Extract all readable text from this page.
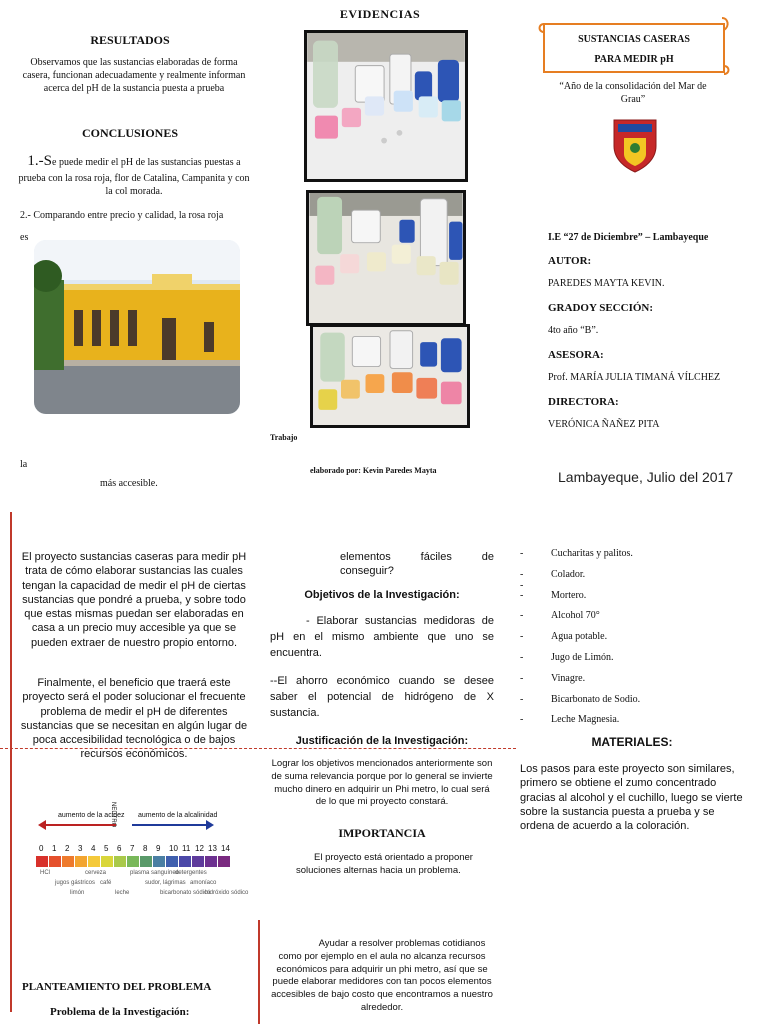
RESULTADOS
Observamos que las sustancias elaboradas de forma casera, funcionan adecuadamente y realmente informan acerca del pH de la sustancia puesta a prueba
CONCLUSIONES
1.-Se puede medir el pH de las sustancias puestas a prueba con la rosa roja, flor de Catalina, Campanita y con la col morada.
2.- Comparando entre precio y calidad, la rosa roja
es
la
más accesible.
EVIDENCIAS
Trabajo
elaborado por: Kevin Paredes Mayta
SUSTANCIAS CASERAS
PARA MEDIR pH
“Año de la consolidación del Mar de Grau”
I.E “27 de Diciembre” – Lambayeque
AUTOR:
PAREDES MAYTA KEVIN.
GRADOY SECCIÓN:
4to año “B”.
ASESORA:
Prof. MARÍA JULIA TIMANÁ VÍLCHEZ
DIRECTORA:
VERÓNICA ÑAÑEZ PITA
Lambayeque, Julio del 2017
El proyecto sustancias caseras para medir pH trata de cómo elaborar sustancias las cuales tengan la capacidad de medir el pH de ciertas sustancias que pondré a prueba, y sobre todo que estas mismas puedan ser elaboradas en casa a un precio muy accesible ya que se pueden extraer de nuestro propio entorno.
Finalmente, el beneficio que traerá este proyecto será el poder solucionar el frecuente problema de medir el pH de diferentes sustancias que se necesitan en algún lugar de poca accesibilidad tecnológica o de bajos recursos económicos.
aumento de la acidez
NEUTRO	aumento de la alcalinidad
0 1 2 3 4 5 6 7 8 9 10 11 12 13 14
HCl
jugos gástricos
limón
cerveza
café
leche
plasma sanguíneo
sudor, lágrimas
bicarbonato sódico
detergentes
amoníaco
hidróxido sódico
PLANTEAMIENTO DEL PROBLEMA
Problema de la Investigación:
elementos fáciles de conseguir?
Objetivos de la Investigación:
- Elaborar sustancias medidoras de pH en el mismo ambiente que uno se encuentra.
--El ahorro económico cuando se desee saber el potencial de hidrógeno de X sustancia.
Justificación de la Investigación:
Lograr los objetivos mencionados anteriormente son de suma relevancia porque por lo general se invierte mucho dinero en adquirir un Phi metro, lo cual será de lo que mi proyecto constará.
IMPORTANCIA
El proyecto está orientado a proponer soluciones alternas hacia un problema.
Ayudar a resolver problemas cotidianos como por ejemplo en el aula no alcanza recursos económicos para adquirir un phi metro, así que se puede elaborar medidores con tan pocos elementos accesibles de bajo costo que encontramos a nuestro alrededor.
-	Cucharitas y palitos.
--
Colador.
-	Mortero.
-	Alcohol 70°
-	Agua potable.
-	Jugo de Limón.
-	Vinagre.
-	Bicarbonato de Sodio.
-	Leche Magnesia.
MATERIALES:
Los pasos para este proyecto son similares, primero se obtiene el zumo concentrado gracias al alcohol y el cuchillo, luego se vierte sobre la sustancia puesta a prueba y se ordena de acuerdo a la coloración.
